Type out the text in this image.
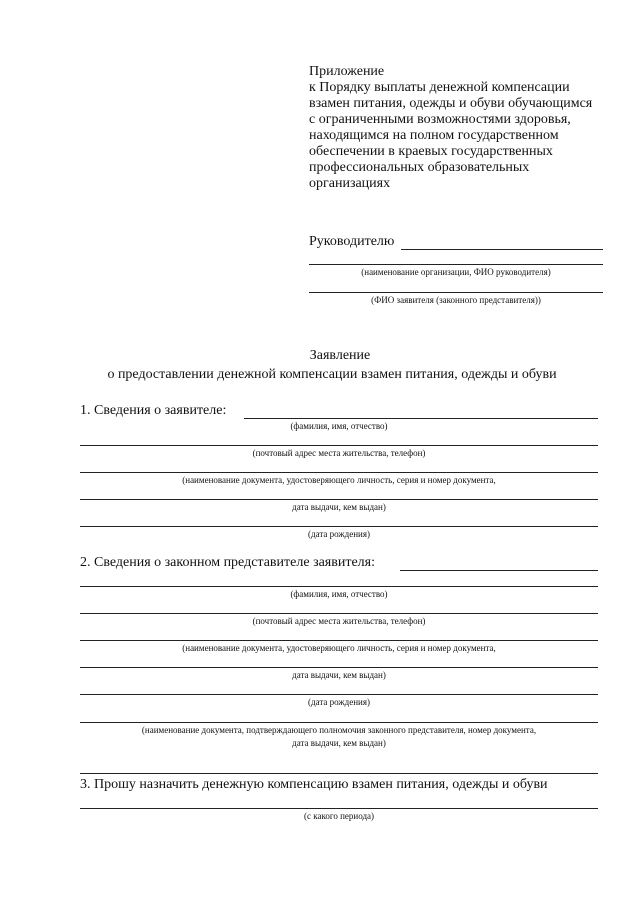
Приложение
к Порядку выплаты денежной компенсации
взамен питания, одежды и обуви обучающимся
с ограниченными возможностями здоровья,
находящимся на полном государственном
обеспечении в краевых государственных
профессиональных образовательных
организациях
Руководителю
(наименование организации, ФИО руководителя)
(ФИО заявителя (законного представителя))
Заявление
о предоставлении денежной компенсации взамен питания, одежды и обуви
1. Сведения о заявителе:
(фамилия, имя, отчество)
(почтовый адрес места жительства, телефон)
(наименование документа, удостоверяющего личность, серия и номер документа,
дата выдачи, кем выдан)
(дата рождения)
2. Сведения о законном представителе заявителя:
(фамилия, имя, отчество)
(почтовый адрес места жительства, телефон)
(наименование документа, удостоверяющего личность, серия и номер документа,
дата выдачи, кем выдан)
(дата рождения)
(наименование документа, подтверждающего полномочия законного представителя, номер документа,
дата выдачи, кем выдан)
3. Прошу назначить денежную компенсацию взамен питания, одежды и обуви
(с какого периода)
